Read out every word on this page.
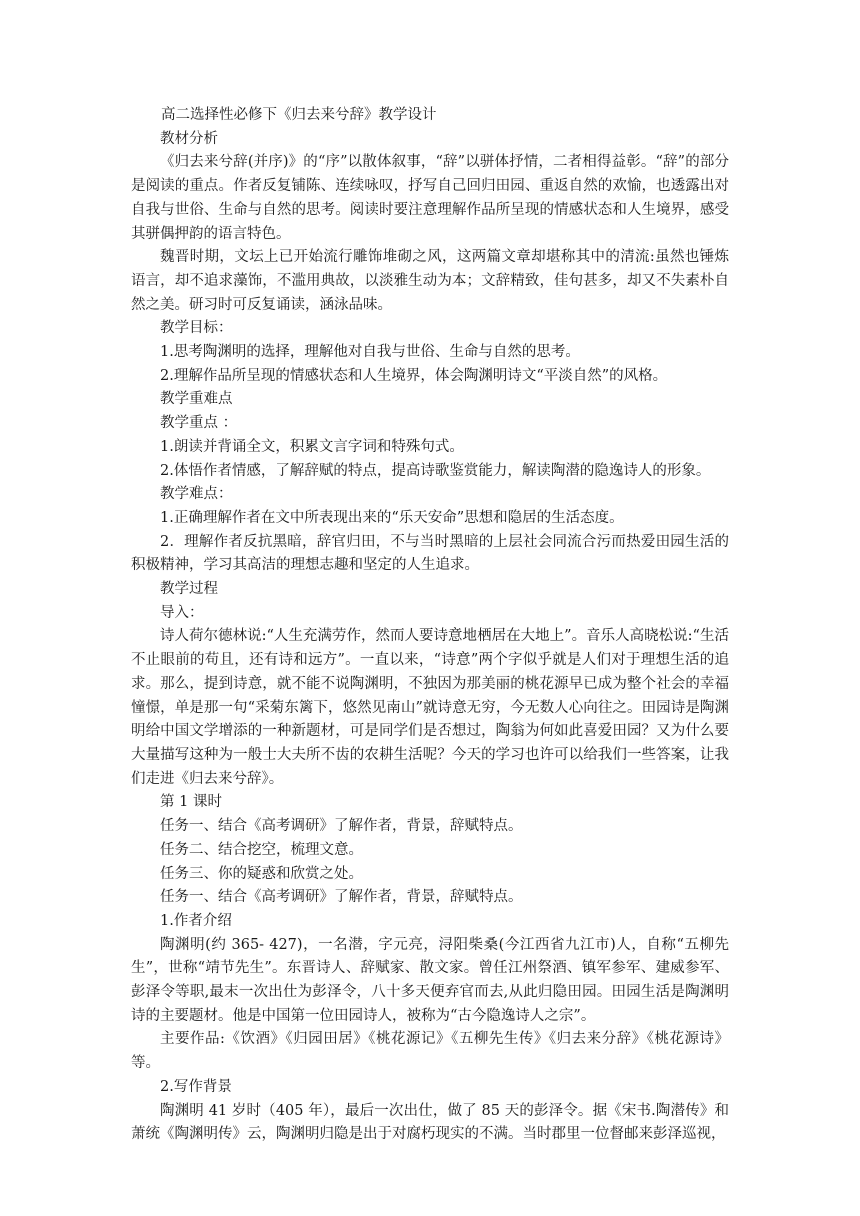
高二选择性必修下《归去来兮辞》教学设计

教材分析

《归去来兮辞(并序)》的“序”以散体叙事，“辞”以骈体抒情，二者相得益彰。“辞”的部分是阅读的重点。作者反复铺陈、连续咏叹，抒写自己回归田园、重返自然的欢愉，也透露出对自我与世俗、生命与自然的思考。阅读时要注意理解作品所呈现的情感状态和人生境界，感受其骈偶押韵的语言特色。

魏晋时期，文坛上已开始流行雕饰堆砌之风，这两篇文章却堪称其中的清流:虽然也锤炼语言，却不追求藻饰，不滥用典故，以淡雅生动为本；文辞精致，佳句甚多，却又不失素朴自然之美。研习时可反复诵读，涵泳品味。

教学目标：

1.思考陶渊明的选择，理解他对自我与世俗、生命与自然的思考。

2.理解作品所呈现的情感状态和人生境界，体会陶渊明诗文“平淡自然”的风格。

教学重难点

教学重点 ：

1.朗读并背诵全文，积累文言字词和特殊句式。

2.体悟作者情感，了解辞赋的特点，提高诗歌鉴赏能力，解读陶潜的隐逸诗人的形象。

教学难点：

1.正确理解作者在文中所表现出来的“乐天安命”思想和隐居的生活态度。

2．理解作者反抗黑暗，辞官归田，不与当时黑暗的上层社会同流合污而热爱田园生活的积极精神，学习其高洁的理想志趣和坚定的人生追求。

教学过程

导入：

诗人荷尔德林说:“人生充满劳作，然而人要诗意地栖居在大地上”。音乐人高晓松说:“生活不止眼前的苟且，还有诗和远方”。一直以来，“诗意”两个字似乎就是人们对于理想生活的追求。那么，提到诗意，就不能不说陶渊明，不独因为那美丽的桃花源早已成为整个社会的幸福憧憬，单是那一句“采菊东篱下，悠然见南山”就诗意无穷，今无数人心向往之。田园诗是陶渊明给中国文学增添的一种新题材，可是同学们是否想过，陶翁为何如此喜爱田园？又为什么要大量描写这种为一般士大夫所不齿的农耕生活呢？今天的学习也许可以给我们一些答案，让我们走进《归去来兮辞》。

第 1 课时

任务一、结合《高考调研》了解作者，背景，辞赋特点。

任务二、结合挖空，梳理文意。

任务三、你的疑惑和欣赏之处。

任务一、结合《高考调研》了解作者，背景，辞赋特点。

1.作者介绍

陶渊明(约 365- 427)，一名潜，字元亮，浔阳柴桑(今江西省九江市)人，自称“五柳先生”，世称“靖节先生”。东晋诗人、辞赋家、散文家。曾任江州祭酒、镇军参军、建威参军、彭泽令等职,最末一次出仕为彭泽令，八十多天便弃官而去,从此归隐田园。田园生活是陶渊明诗的主要题材。他是中国第一位田园诗人，被称为“古今隐逸诗人之宗”。

主要作品:《饮酒》《归园田居》《桃花源记》《五柳先生传》《归去来分辞》《桃花源诗》等。

2.写作背景

陶渊明 41 岁时（405 年），最后一次出仕，做了 85 天的彭泽令。据《宋书.陶潜传》和萧统《陶渊明传》云，陶渊明归隐是出于对腐朽现实的不满。当时郡里一位督邮来彭泽巡视，
